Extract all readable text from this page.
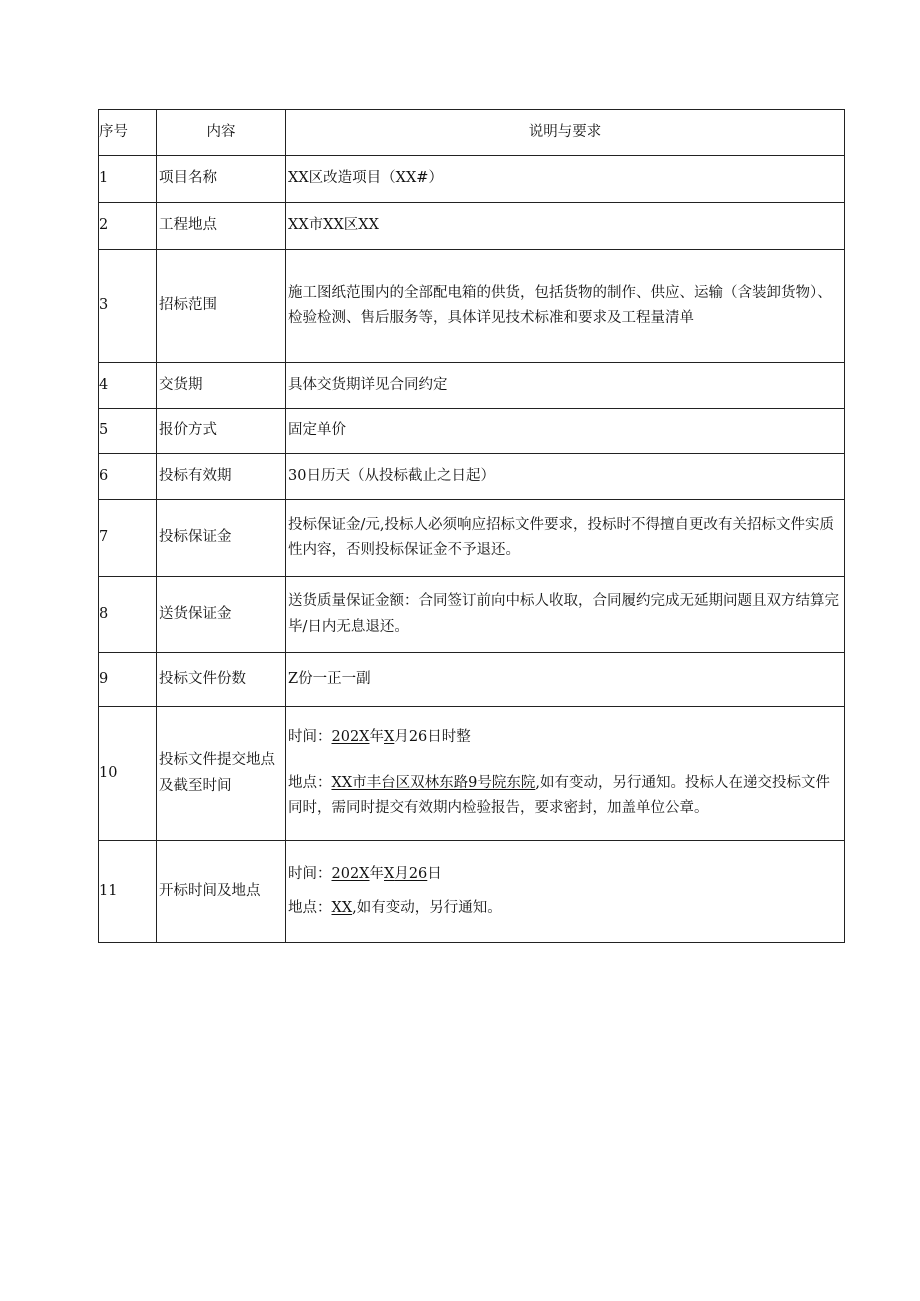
序号	内容	说明与要求
1	项目名称	XX区改造项目（XX#）
2	工程地点	XX市XX区XX
3	招标范围	施工图纸范围内的全部配电箱的供货，包括货物的制作、供应、运输（含装卸货物）、检验检测、售后服务等，具体详见技术标准和要求及工程量清单
4	交货期	具体交货期详见合同约定
5	报价方式	固定单价
6	投标有效期	30日历天（从投标截止之日起）
7	投标保证金	投标保证金/元,投标人必须响应招标文件要求，投标时不得擅自更改有关招标文件实质性内容，否则投标保证金不予退还。
8	送货保证金	送货质量保证金额：合同签订前向中标人收取，合同履约完成无延期问题且双方结算完毕/日内无息退还。
9	投标文件份数	Z份一正一副
10	投标文件提交地点及截至时间	时间：202X年X月26日时整
地点：XX市丰台区双林东路9号院东院,如有变动，另行通知。投标人在递交投标文件同时，需同时提交有效期内检验报告，要求密封，加盖单位公章。

11	开标时间及地点	时间：202X年X月26日
地点：XX,如有变动，另行通知。
